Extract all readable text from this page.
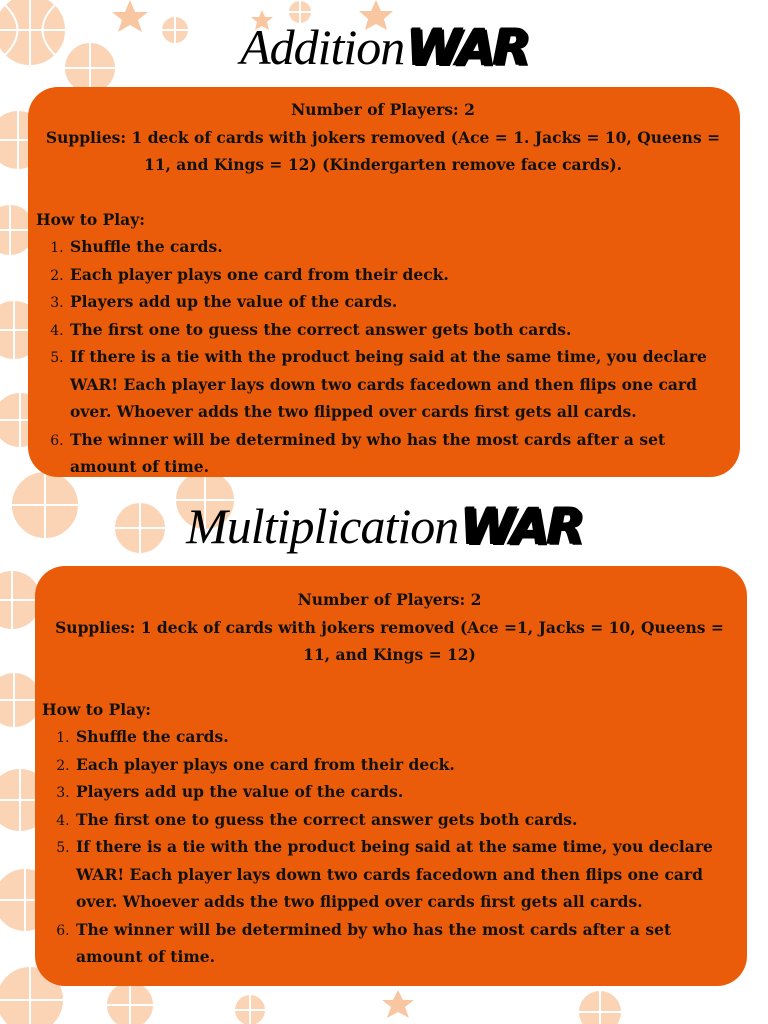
AdditionWAR
Number of Players: 2
Supplies: 1 deck of cards with jokers removed (Ace = 1. Jacks = 10, Queens = 11, and Kings = 12) (Kindergarten remove face cards).
How to Play:
1. Shuffle the cards.
2. Each player plays one card from their deck.
3. Players add up the value of the cards.
4. The first one to guess the correct answer gets both cards.
5. If there is a tie with the product being said at the same time, you declare WAR! Each player lays down two cards facedown and then flips one card over. Whoever adds the two flipped over cards first gets all cards.
6. The winner will be determined by who has the most cards after a set amount of time.
MultiplicationWAR
Number of Players: 2
Supplies: 1 deck of cards with jokers removed (Ace =1, Jacks = 10, Queens = 11, and Kings = 12)
How to Play:
1. Shuffle the cards.
2. Each player plays one card from their deck.
3. Players add up the value of the cards.
4. The first one to guess the correct answer gets both cards.
5. If there is a tie with the product being said at the same time, you declare WAR! Each player lays down two cards facedown and then flips one card over. Whoever adds the two flipped over cards first gets all cards.
6. The winner will be determined by who has the most cards after a set amount of time.
